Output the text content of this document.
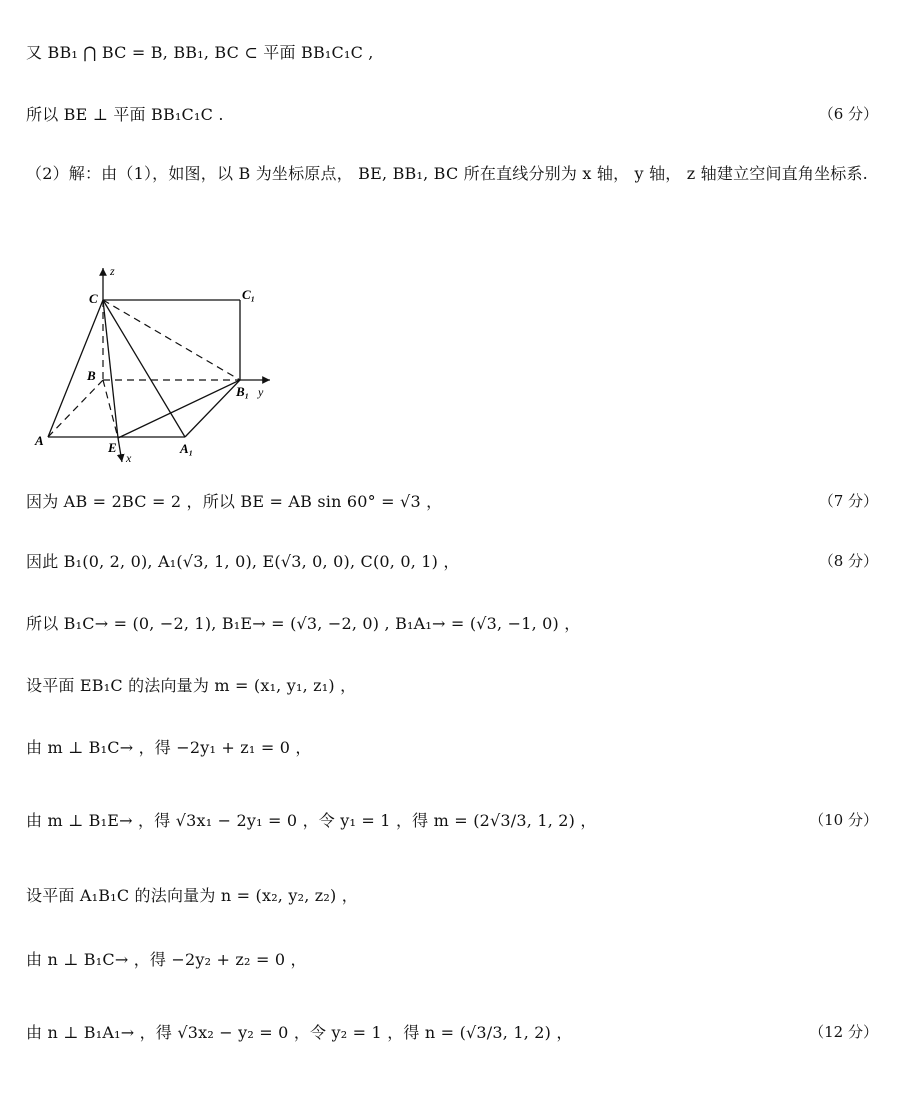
又 BB₁ ⋂ BC = B, BB₁, BC ⊂ 平面 BB₁C₁C ,
所以 BE ⊥ 平面 BB₁C₁C .	（6 分）
（2）解：由（1），如图，以 B 为坐标原点， BE, BB₁, BC 所在直线分别为 x 轴， y 轴， z 轴建立空间直角坐标系.
z
C	C₁
B
B₁ y
A	E
x
A₁
因为 AB = 2BC = 2 ，所以 BE = AB sin 60° = √3 ，	（7 分）
因此 B₁(0, 2, 0), A₁(√3, 1, 0), E(√3, 0, 0), C(0, 0, 1) ，	（8 分）
所以 B₁C→ = (0, −2, 1), B₁E→ = (√3, −2, 0) , B₁A₁→ = (√3, −1, 0) ，
设平面 EB₁C 的法向量为 m = (x₁, y₁, z₁) ，
由 m ⊥ B₁C→ ，得 −2y₁ + z₁ = 0 ，
由 m ⊥ B₁E→ ，得 √3x₁ − 2y₁ = 0 ，令 y₁ = 1 ，得 m = (2√3/3, 1, 2) ，	（10 分）
设平面 A₁B₁C 的法向量为 n = (x₂, y₂, z₂) ，
由 n ⊥ B₁C→ ，得 −2y₂ + z₂ = 0 ，
由 n ⊥ B₁A₁→ ，得 √3x₂ − y₂ = 0 ，令 y₂ = 1 ，得 n = (√3/3, 1, 2) ，	（12 分）
